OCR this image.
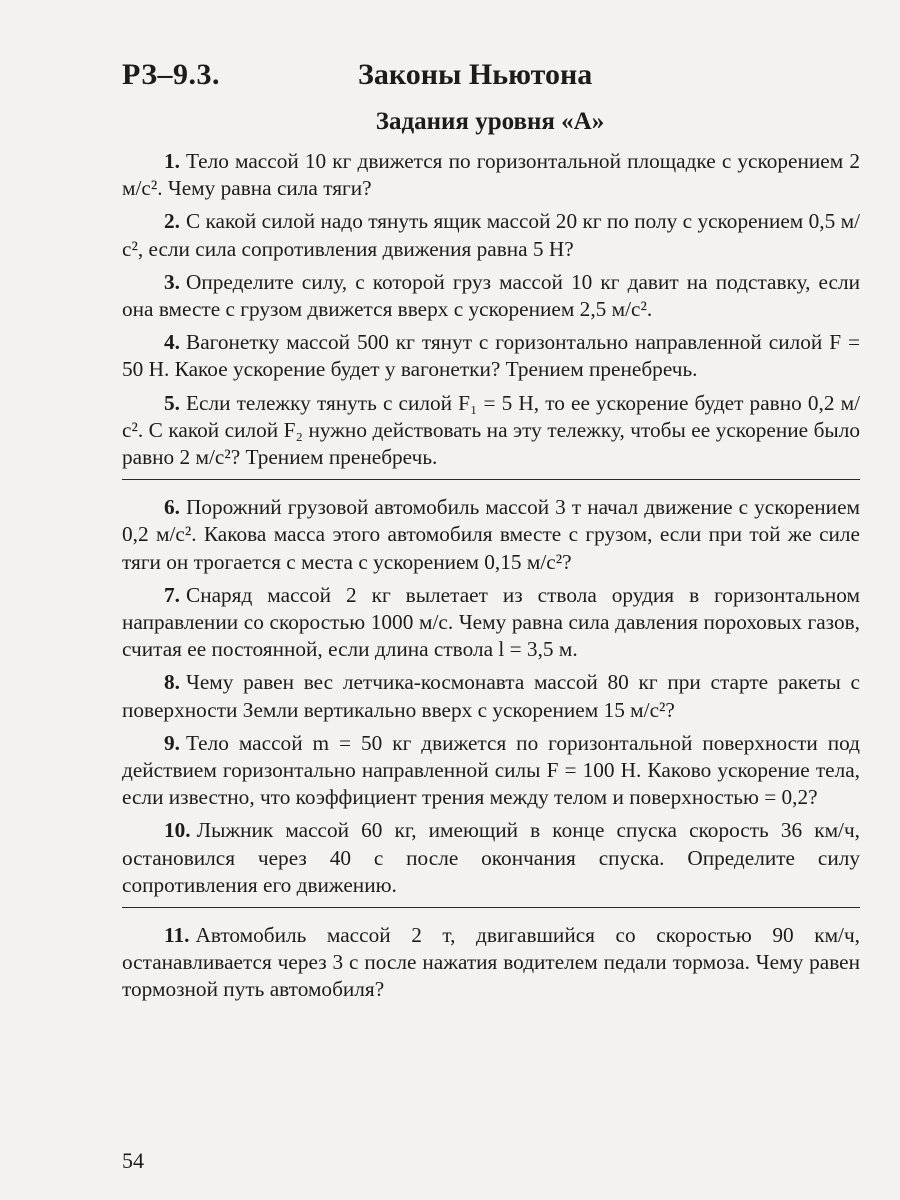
РЗ–9.3.	Законы Ньютона
Задания уровня «А»

1. Тело массой 10 кг движется по горизонтальной площадке с ускорением 2 м/с². Чему равна сила тяги?

2. С какой силой надо тянуть ящик массой 20 кг по полу с ускорением 0,5 м/с², если сила сопротивления движения равна 5 Н?

3. Определите силу, с которой груз массой 10 кг давит на подставку, если она вместе с грузом движется вверх с ускорением 2,5 м/с².

4. Вагонетку массой 500 кг тянут с горизонтально направленной силой F = 50 Н. Какое ускорение будет у вагонетки? Трением пренебречь.

5. Если тележку тянуть с силой F₁ = 5 Н, то ее ускорение будет равно 0,2 м/с². С какой силой F₂ нужно действовать на эту тележку, чтобы ее ускорение было равно 2 м/с²? Трением пренебречь.

6. Порожний грузовой автомобиль массой 3 т начал движение с ускорением 0,2 м/с². Какова масса этого автомобиля вместе с грузом, если при той же силе тяги он трогается с места с ускорением 0,15 м/с²?

7. Снаряд массой 2 кг вылетает из ствола орудия в горизонтальном направлении со скоростью 1000 м/с. Чему равна сила давления пороховых газов, считая ее постоянной, если длина ствола l = 3,5 м.

8. Чему равен вес летчика-космонавта массой 80 кг при старте ракеты с поверхности Земли вертикально вверх с ускорением 15 м/с²?

9. Тело массой m = 50 кг движется по горизонтальной поверхности под действием горизонтально направленной силы F = 100 Н. Каково ускорение тела, если известно, что коэффициент трения между телом и поверхностью = 0,2?

10. Лыжник массой 60 кг, имеющий в конце спуска скорость 36 км/ч, остановился через 40 с после окончания спуска. Определите силу сопротивления его движению.

11. Автомобиль массой 2 т, двигавшийся со скоростью 90 км/ч, останавливается через 3 с после нажатия водителем педали тормоза. Чему равен тормозной путь автомобиля?

54
